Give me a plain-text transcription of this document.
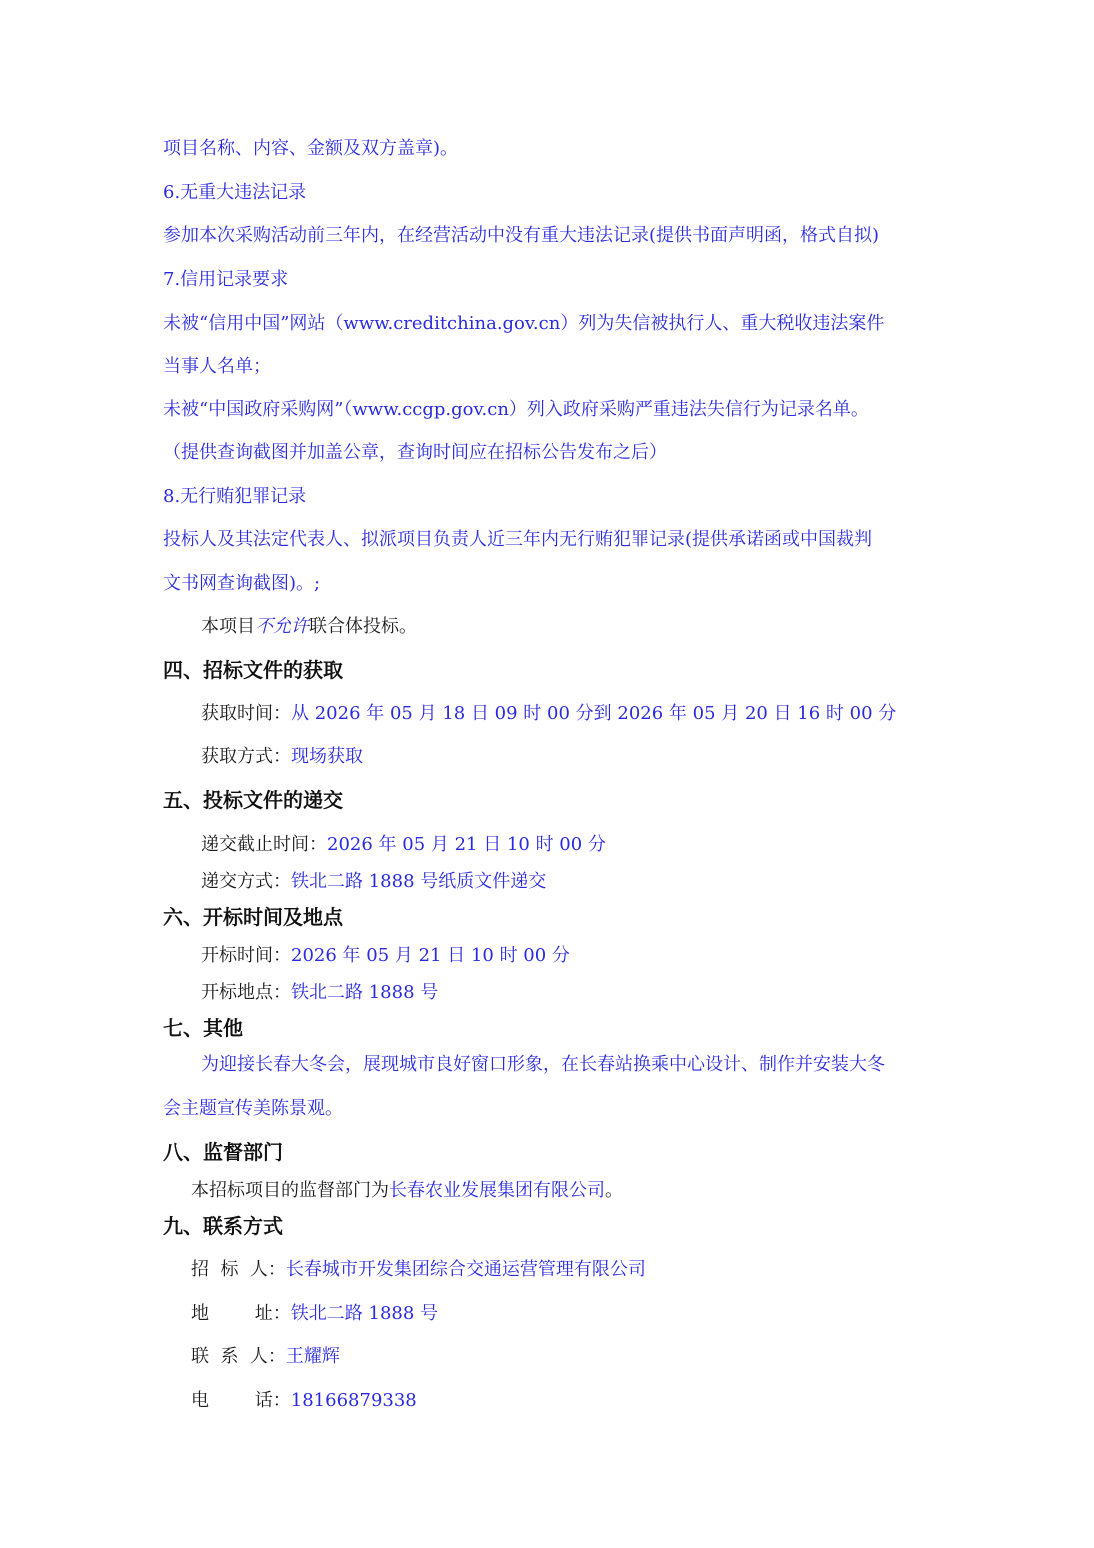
项目名称、内容、金额及双方盖章)。
6.无重大违法记录
参加本次采购活动前三年内，在经营活动中没有重大违法记录(提供书面声明函，格式自拟)
7.信用记录要求
未被“信用中国”网站（www.creditchina.gov.cn）列为失信被执行人、重大税收违法案件
当事人名单；
未被“中国政府采购网”（www.ccgp.gov.cn）列入政府采购严重违法失信行为记录名单。
（提供查询截图并加盖公章，查询时间应在招标公告发布之后）
8.无行贿犯罪记录
投标人及其法定代表人、拟派项目负责人近三年内无行贿犯罪记录(提供承诺函或中国裁判
文书网查询截图)。;
本项目不允许联合体投标。
四、招标文件的获取
获取时间：从 2026 年 05 月 18 日 09 时 00 分到 2026 年 05 月 20 日 16 时 00 分
获取方式：现场获取
五、投标文件的递交
递交截止时间：2026 年 05 月 21 日 10 时 00 分
递交方式：铁北二路 1888 号纸质文件递交
六、开标时间及地点
开标时间：2026 年 05 月 21 日 10 时 00 分
开标地点：铁北二路 1888 号
七、其他
为迎接长春大冬会，展现城市良好窗口形象，在长春站换乘中心设计、制作并安装大冬
会主题宣传美陈景观。
八、监督部门
本招标项目的监督部门为长春农业发展集团有限公司。
九、联系方式
招  标  人：长春城市开发集团综合交通运营管理有限公司
地        址：铁北二路 1888 号
联  系  人：王耀辉
电        话：18166879338
